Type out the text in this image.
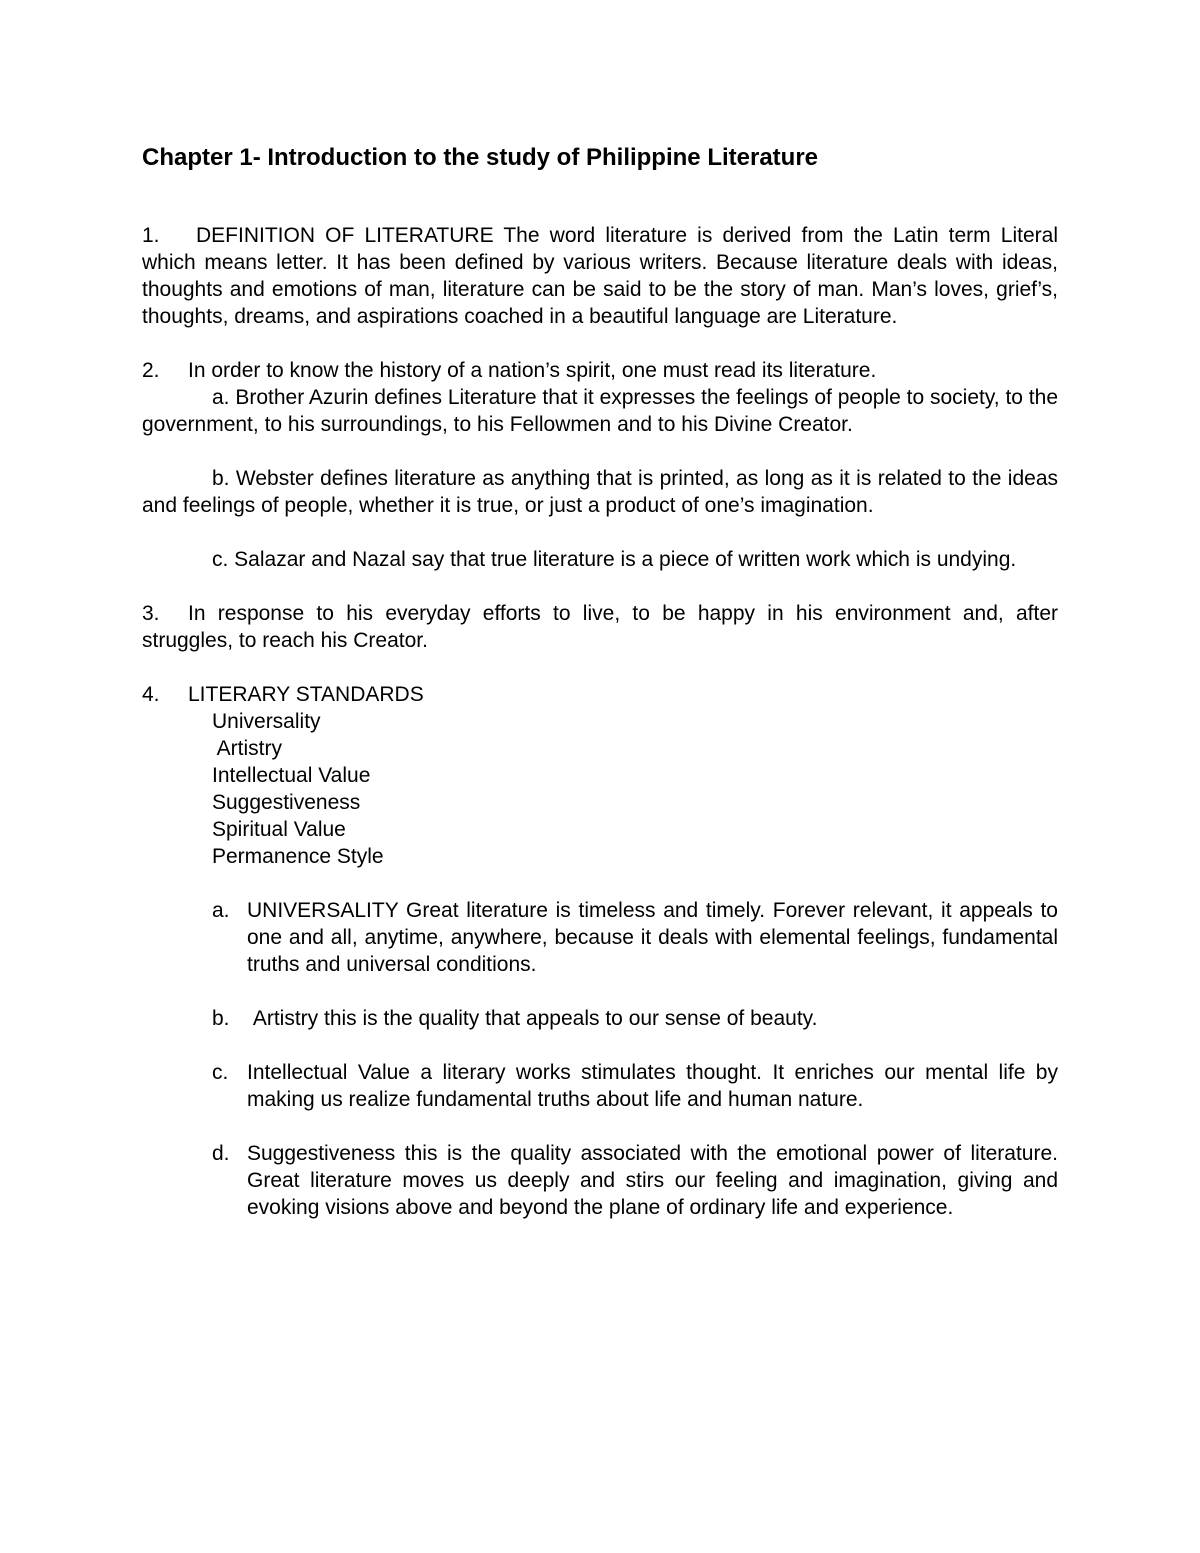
Chapter 1- Introduction to the study of Philippine Literature

1. DEFINITION OF LITERATURE The word literature is derived from the Latin term Literal which means letter. It has been defined by various writers. Because literature deals with ideas, thoughts and emotions of man, literature can be said to be the story of man. Man’s loves, grief’s, thoughts, dreams, and aspirations coached in a beautiful language are Literature.

2. In order to know the history of a nation’s spirit, one must read its literature.

a. Brother Azurin defines Literature that it expresses the feelings of people to society, to the government, to his surroundings, to his Fellowmen and to his Divine Creator.

b. Webster defines literature as anything that is printed, as long as it is related to the ideas and feelings of people, whether it is true, or just a product of one’s imagination.

c. Salazar and Nazal say that true literature is a piece of written work which is undying.

3. In response to his everyday efforts to live, to be happy in his environment and, after struggles, to reach his Creator.

4. LITERARY STANDARDS

Universality
Artistry
Intellectual Value
Suggestiveness
Spiritual Value
Permanence Style
a. UNIVERSALITY Great literature is timeless and timely. Forever relevant, it appeals to one and all, anytime, anywhere, because it deals with elemental feelings, fundamental truths and universal conditions.
b. Artistry this is the quality that appeals to our sense of beauty.
c. Intellectual Value a literary works stimulates thought. It enriches our mental life by making us realize fundamental truths about life and human nature.
d. Suggestiveness this is the quality associated with the emotional power of literature. Great literature moves us deeply and stirs our feeling and imagination, giving and evoking visions above and beyond the plane of ordinary life and experience.
